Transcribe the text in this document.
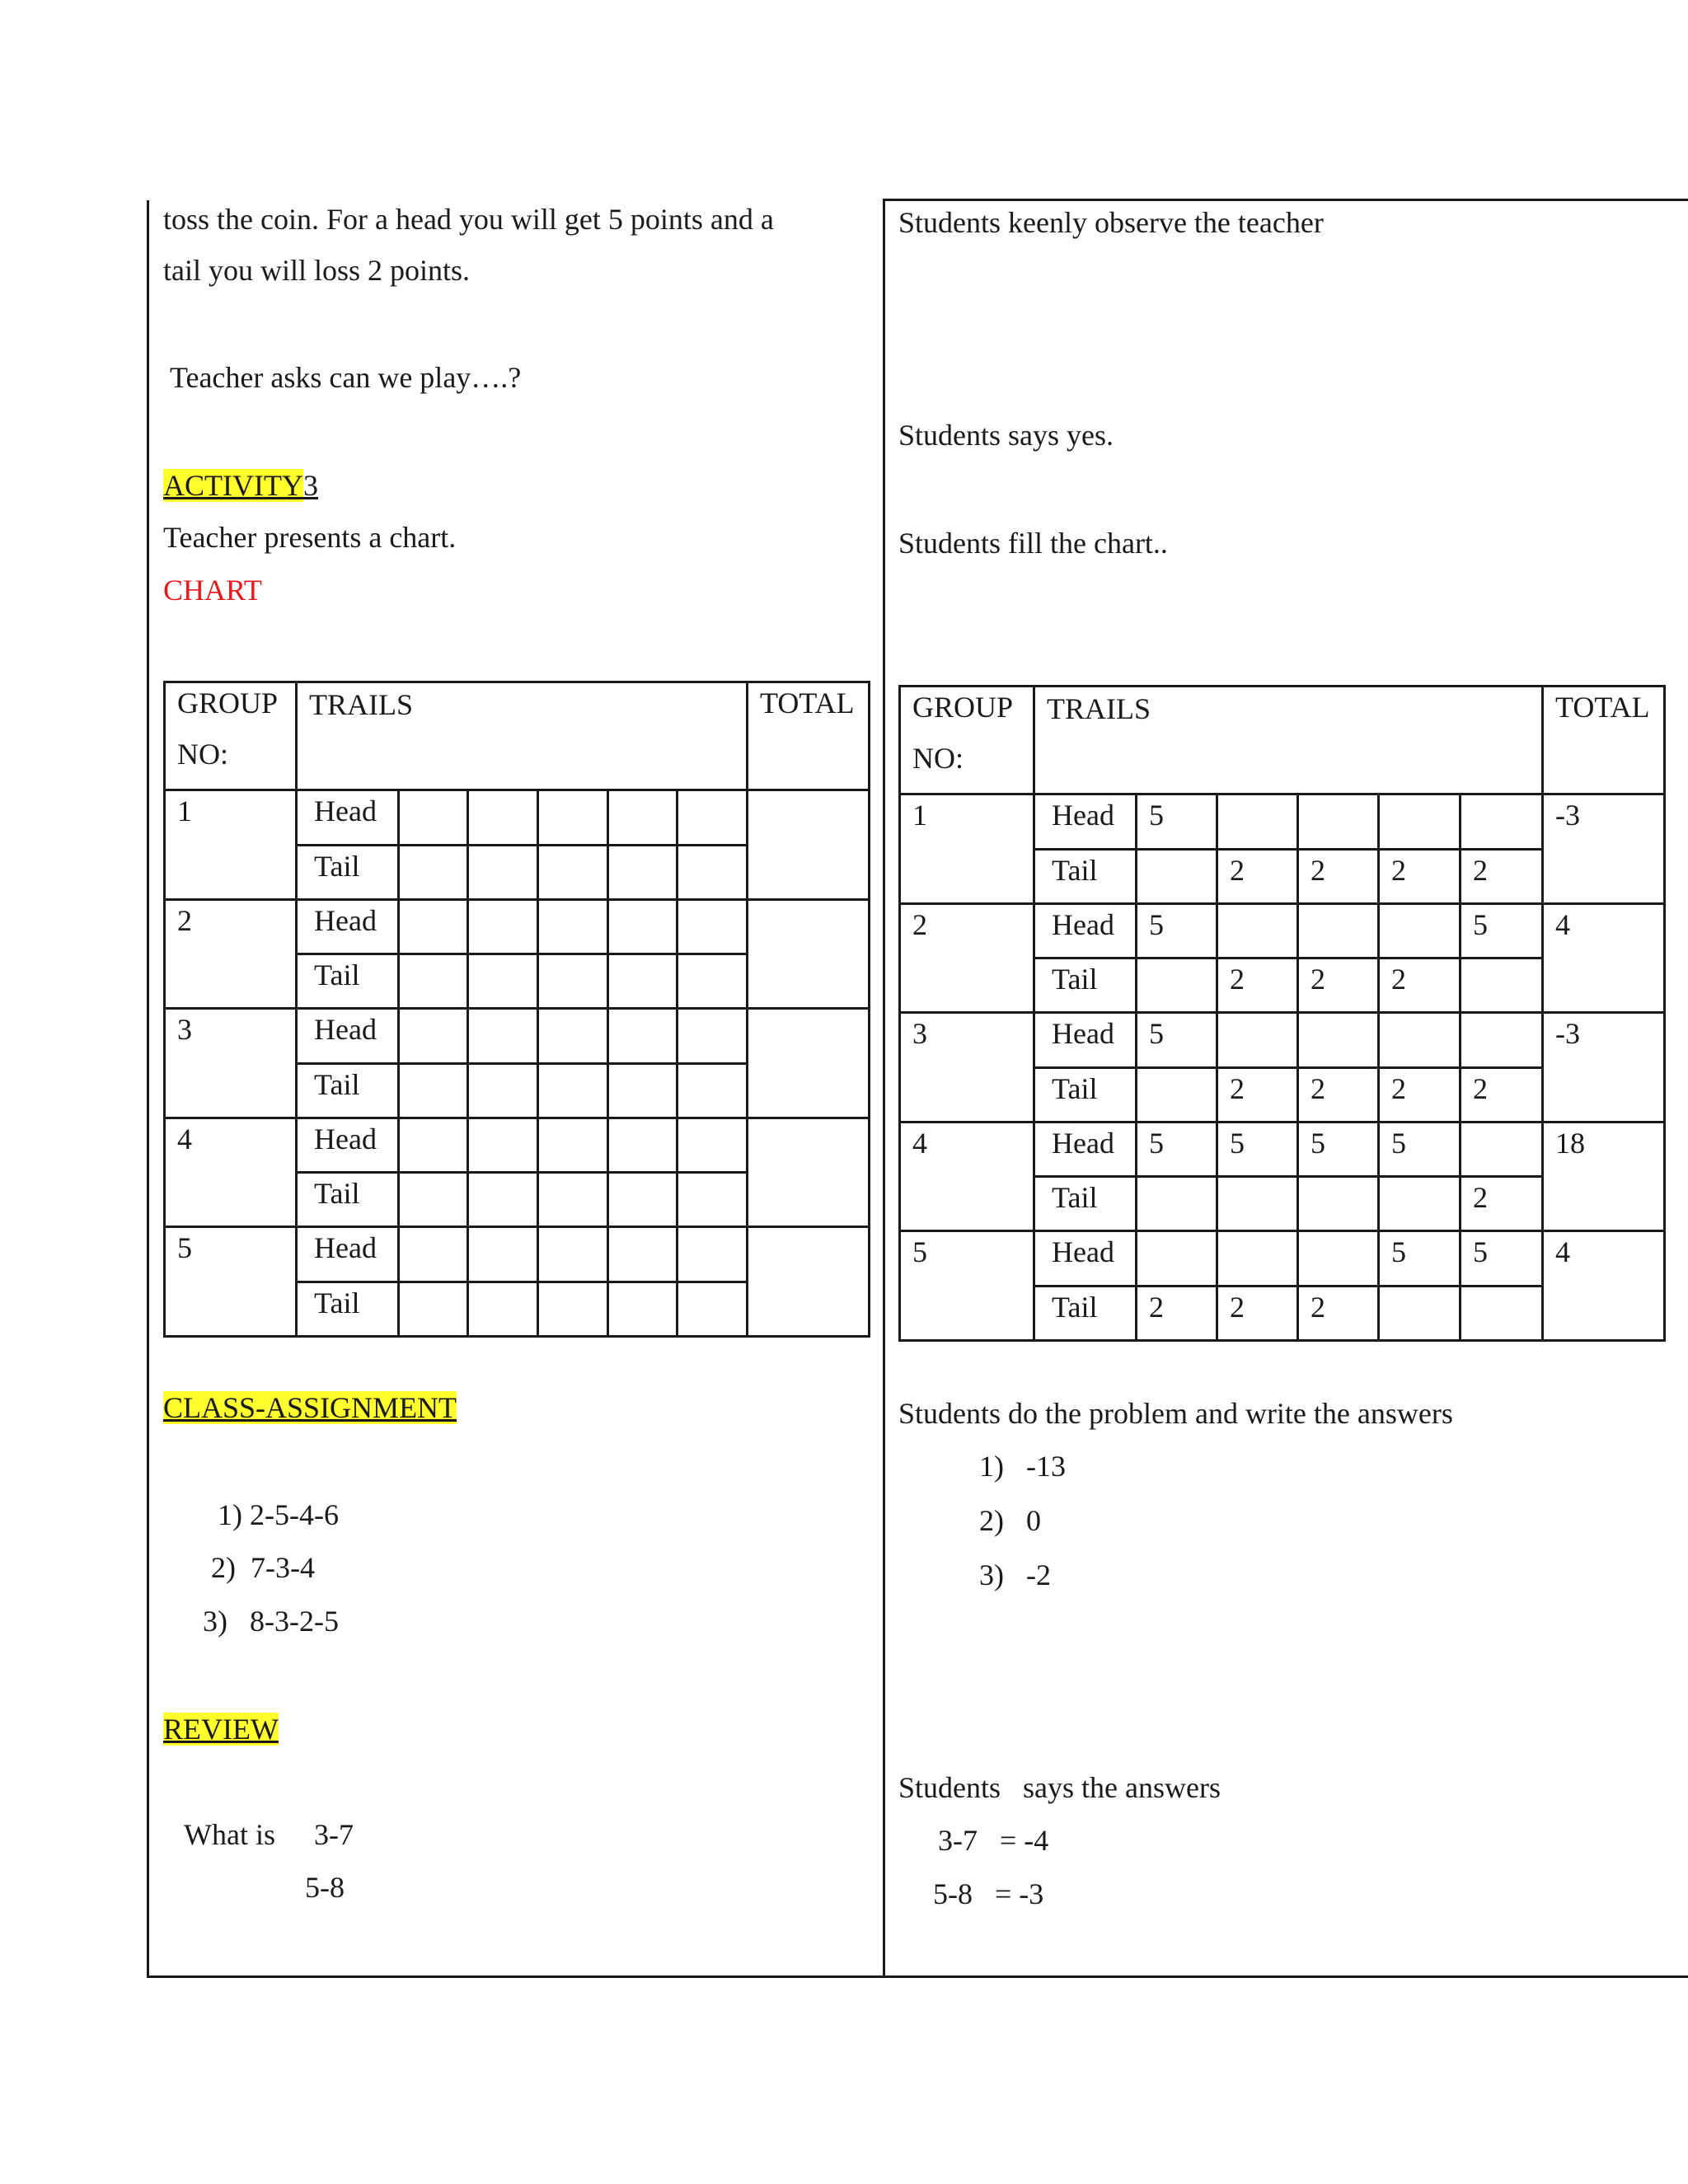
toss the coin. For a head you will get 5 points and a
tail you will loss 2 points.
Teacher asks can we play….?
ACTIVITY3
Teacher presents a chart.
CHART
Students keenly observe the teacher
Students says yes.
Students fill the chart..
GROUP
NO:	TRAILS						TOTAL

1	Head						

	Tail						

2	Head						

	Tail						

3	Head						

	Tail						

4	Head						

	Tail						

5	Head						

	Tail						

GROUP
NO:	TRAILS						TOTAL

1	Head	5					-3

	Tail		2	2	2	2	

2	Head	5				5	4

	Tail		2	2	2		

3	Head	5					-3

	Tail		2	2	2	2	

4	Head	5	5	5	5		18

	Tail					2	

5	Head				5	5	4

	Tail	2	2	2			

CLASS-ASSIGNMENT
1) 2-5-4-6
2)  7-3-4
3)   8-3-2-5
REVIEW
What is 3-7
5-8
Students do the problem and write the answers
1)   -13
2)   0
3)   -2
Students   says the answers
3-7   = -4
5-8   = -3
